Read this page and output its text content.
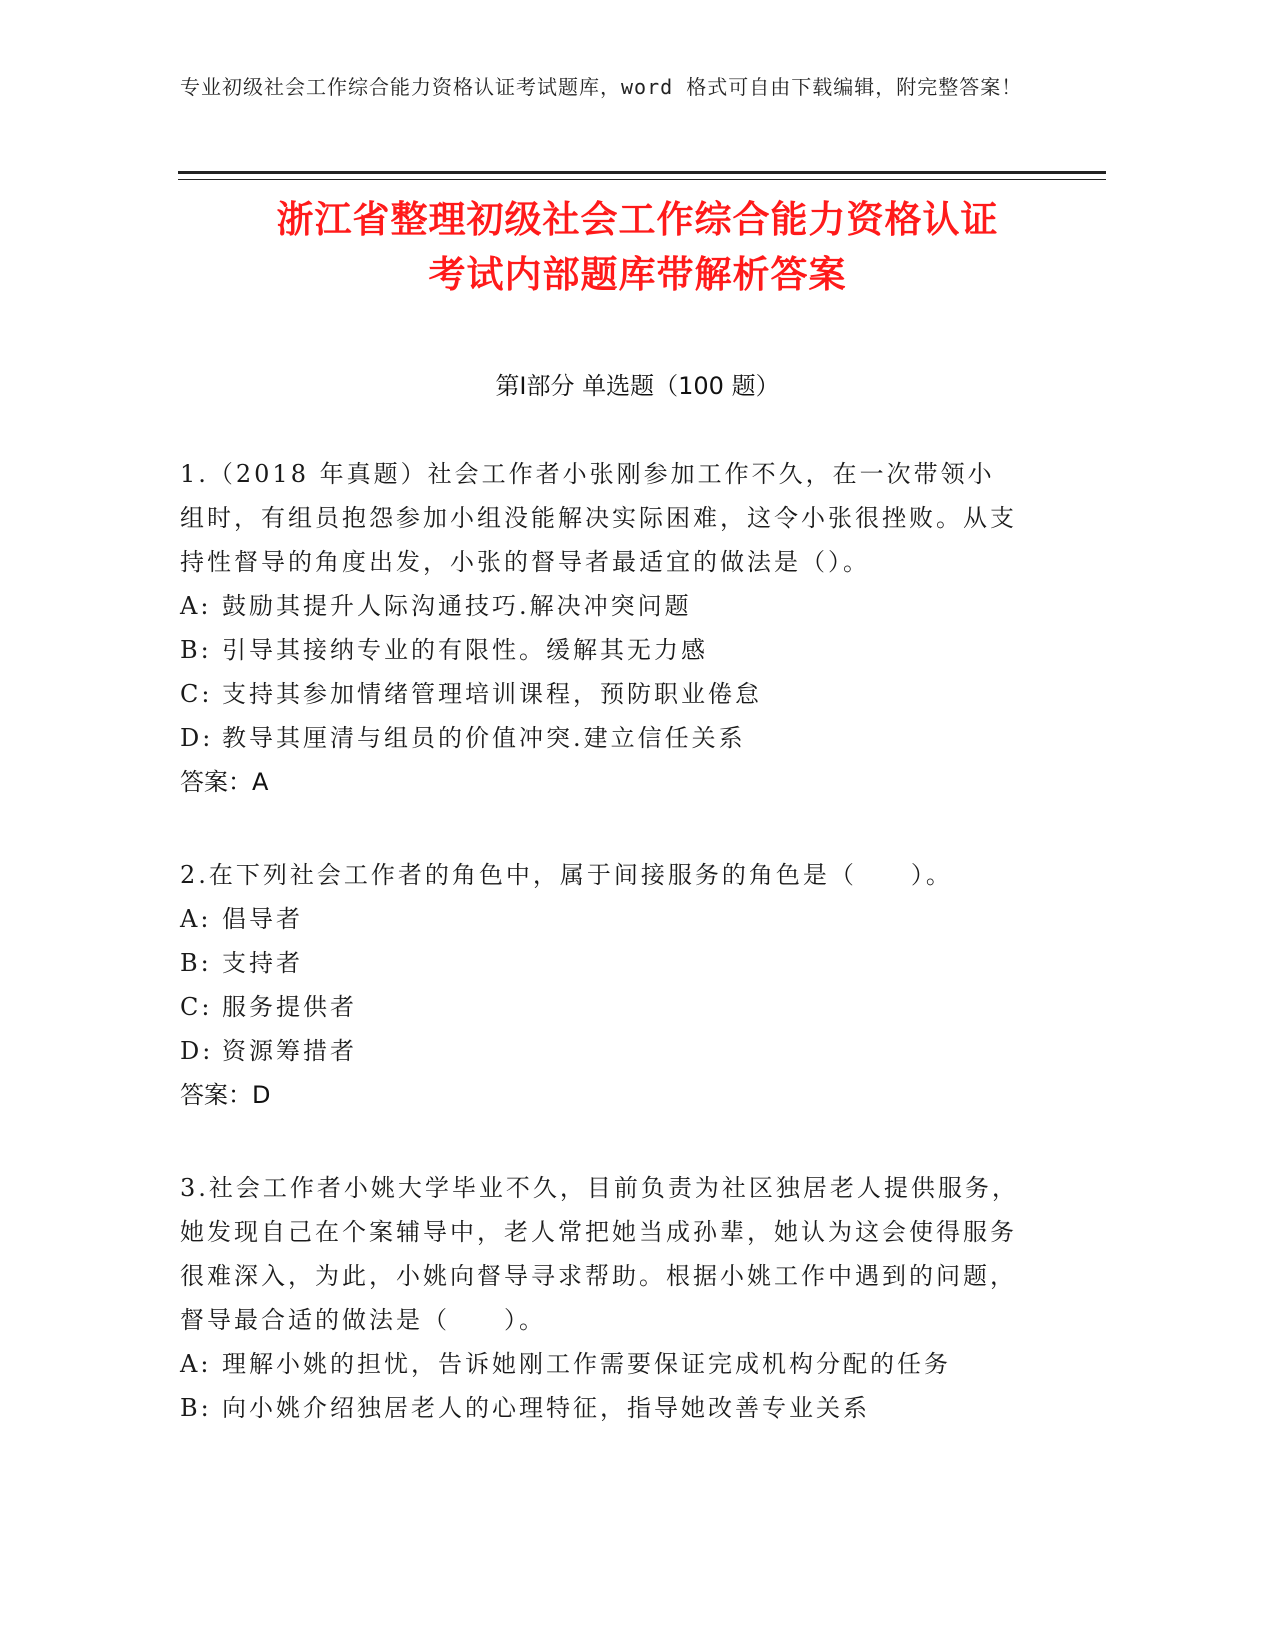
专业初级社会工作综合能力资格认证考试题库，word 格式可自由下载编辑，附完整答案！
浙江省整理初级社会工作综合能力资格认证
考试内部题库带解析答案
第Ⅰ部分 单选题（100 题）

1.（2018 年真题）社会工作者小张刚参加工作不久，在一次带领小组时，有组员抱怨参加小组没能解决实际困难，这令小张很挫败。从支持性督导的角度出发，小张的督导者最适宜的做法是（）。

A: 鼓励其提升人际沟通技巧.解决冲突问题
B: 引导其接纳专业的有限性。缓解其无力感
C: 支持其参加情绪管理培训课程，预防职业倦怠
D: 教导其厘清与组员的价值冲突.建立信任关系
答案：A

2.在下列社会工作者的角色中，属于间接服务的角色是（　　）。

A: 倡导者
B: 支持者
C: 服务提供者
D: 资源筹措者
答案：D

3.社会工作者小姚大学毕业不久，目前负责为社区独居老人提供服务，她发现自己在个案辅导中，老人常把她当成孙辈，她认为这会使得服务很难深入，为此，小姚向督导寻求帮助。根据小姚工作中遇到的问题，督导最合适的做法是（　　）。

A: 理解小姚的担忧，告诉她刚工作需要保证完成机构分配的任务
B: 向小姚介绍独居老人的心理特征，指导她改善专业关系
